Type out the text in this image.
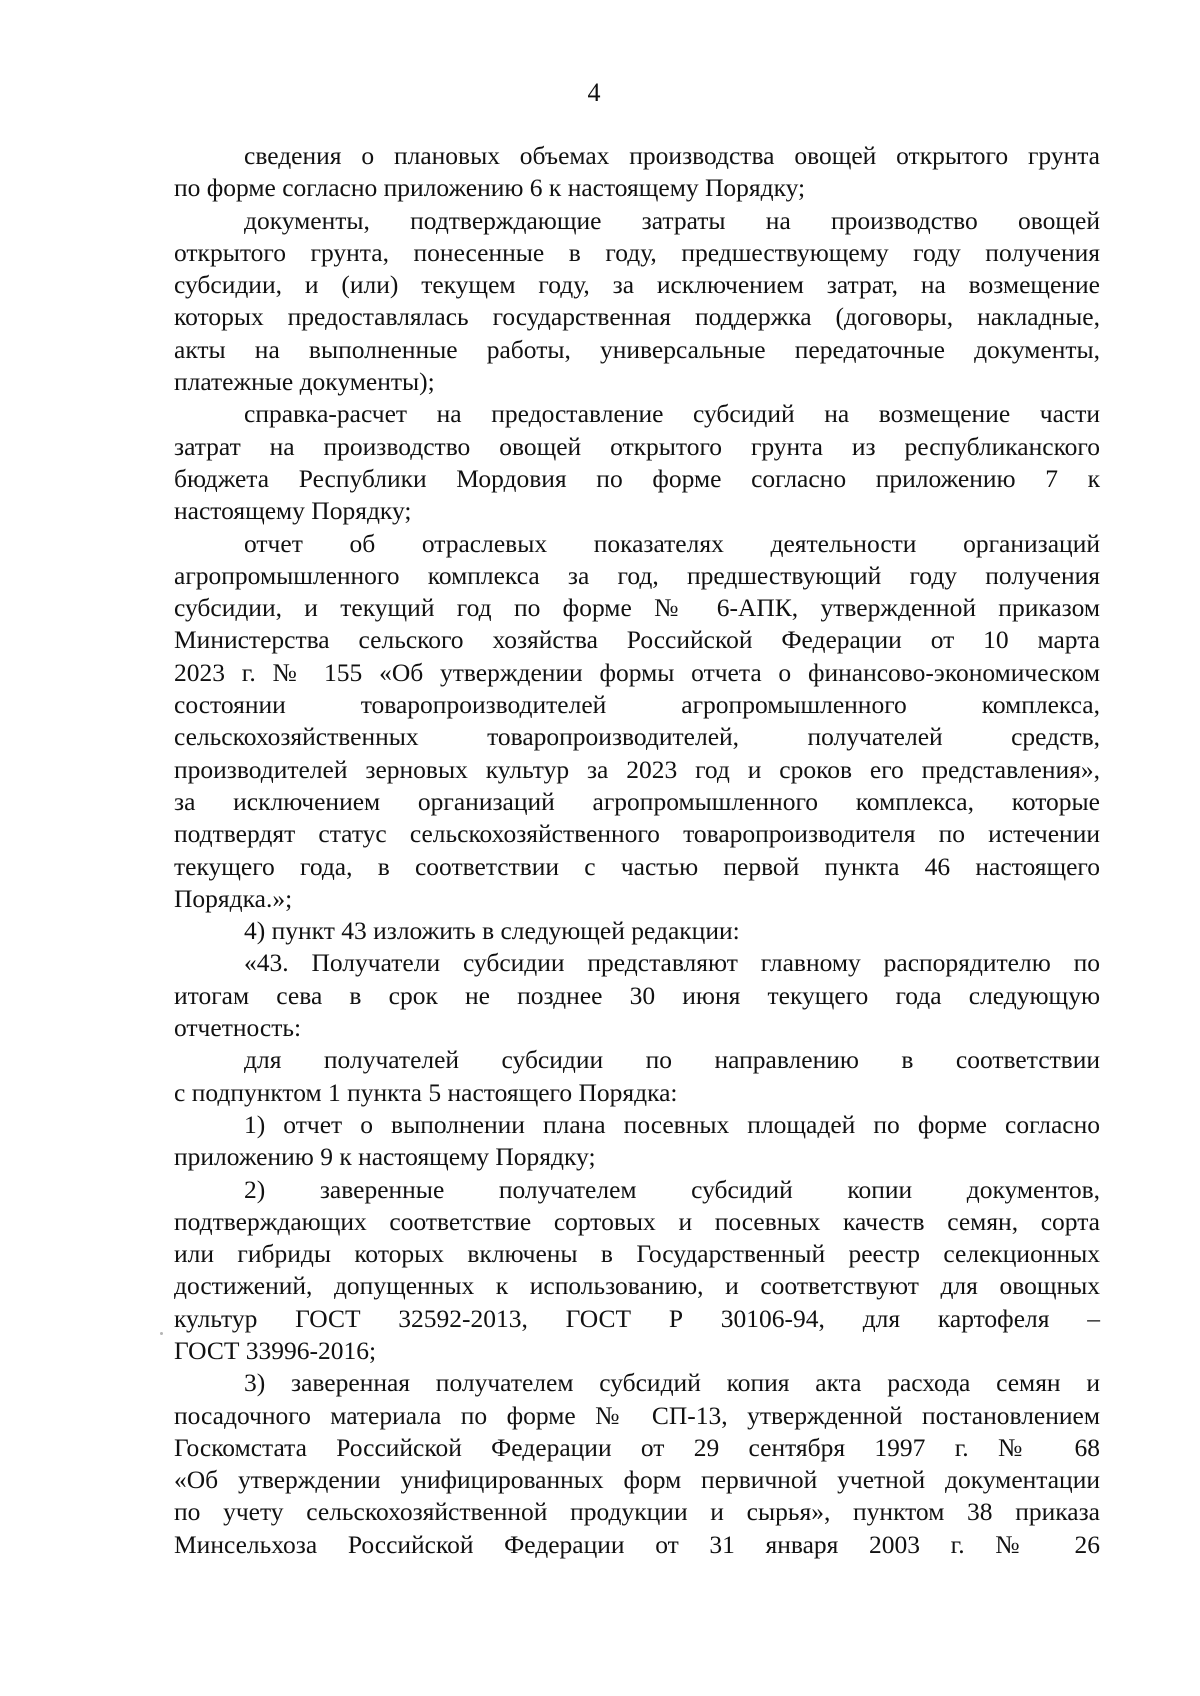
4
сведения о плановых объемах производства овощей открытого грунта
по форме согласно приложению 6 к настоящему Порядку;
документы, подтверждающие затраты на производство овощей
открытого грунта, понесенные в году, предшествующему году получения
субсидии, и (или) текущем году, за исключением затрат, на возмещение
которых предоставлялась государственная поддержка (договоры, накладные,
акты на выполненные работы, универсальные передаточные документы,
платежные документы);
справка-расчет на предоставление субсидий на возмещение части
затрат на производство овощей открытого грунта из республиканского
бюджета Республики Мордовия по форме согласно приложению 7 к
настоящему Порядку;
отчет об отраслевых показателях деятельности организаций
агропромышленного комплекса за год, предшествующий году получения
субсидии, и текущий год по форме № 6-АПК, утвержденной приказом
Министерства сельского хозяйства Российской Федерации от 10 марта
2023 г. № 155 «Об утверждении формы отчета о финансово-экономическом
состоянии товаропроизводителей агропромышленного комплекса,
сельскохозяйственных товаропроизводителей, получателей средств,
производителей зерновых культур за 2023 год и сроков его представления»,
за исключением организаций агропромышленного комплекса, которые
подтвердят статус сельскохозяйственного товаропроизводителя по истечении
текущего года, в соответствии с частью первой пункта 46 настоящего
Порядка.»;
4) пункт 43 изложить в следующей редакции:
«43. Получатели субсидии представляют главному распорядителю по
итогам сева в срок не позднее 30 июня текущего года следующую
отчетность:
для получателей субсидии по направлению в соответствии
с подпунктом 1 пункта 5 настоящего Порядка:
1) отчет о выполнении плана посевных площадей по форме согласно
приложению 9 к настоящему Порядку;
2) заверенные получателем субсидий копии документов,
подтверждающих соответствие сортовых и посевных качеств семян, сорта
или гибриды которых включены в Государственный реестр селекционных
достижений, допущенных к использованию, и соответствуют для овощных
культур ГОСТ 32592-2013, ГОСТ Р 30106-94, для картофеля –
ГОСТ 33996-2016;
3) заверенная получателем субсидий копия акта расхода семян и
посадочного материала по форме № СП-13, утвержденной постановлением
Госкомстата Российской Федерации от 29 сентября 1997 г. № 68
«Об утверждении унифицированных форм первичной учетной документации
по учету сельскохозяйственной продукции и сырья», пунктом 38 приказа
Минсельхоза Российской Федерации от 31 января 2003 г. № 26
